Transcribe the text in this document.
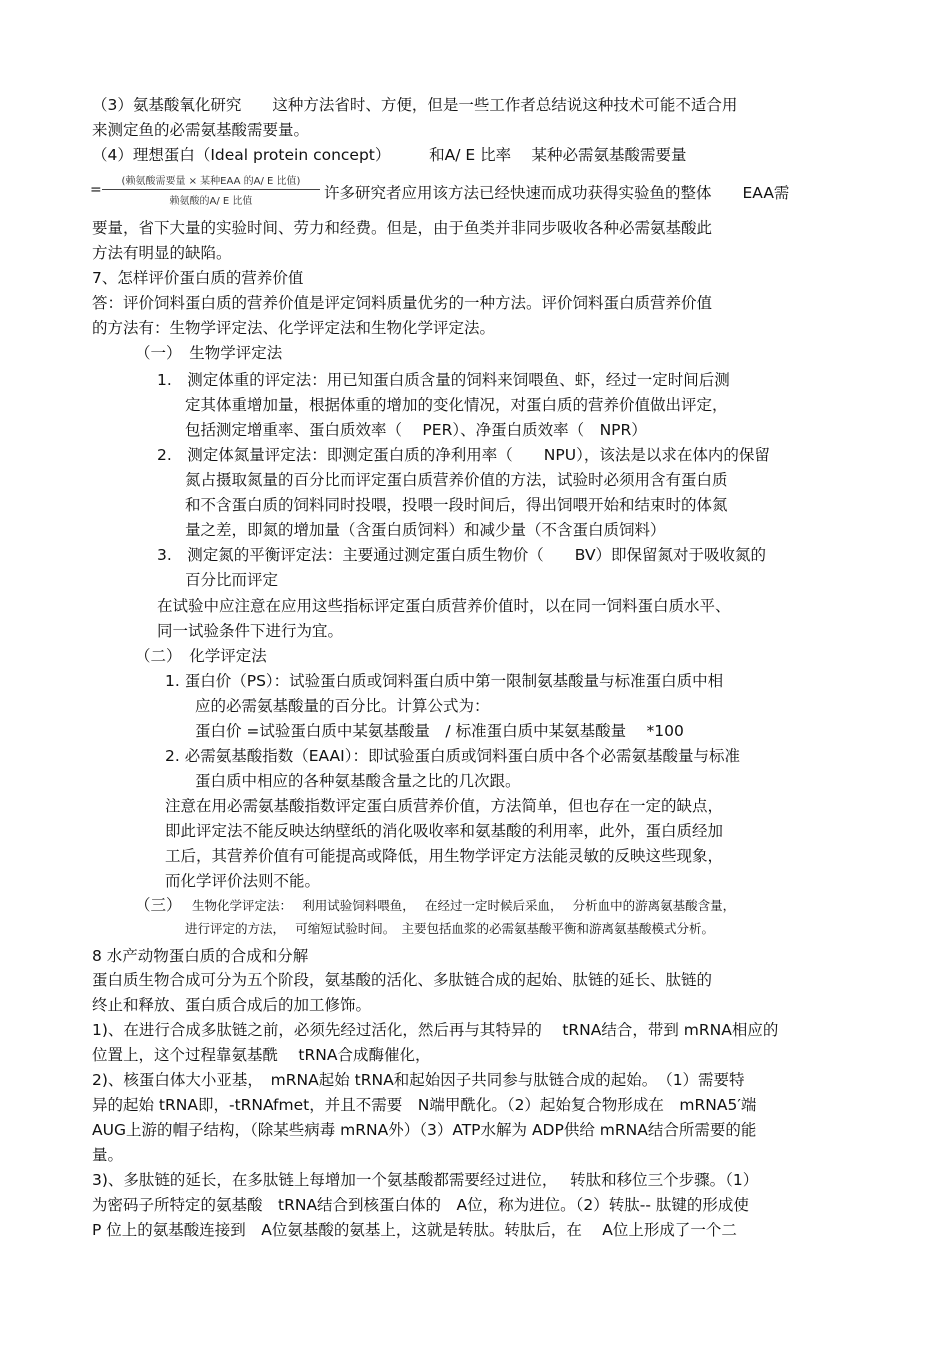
（3）氨基酸氧化研究　　这种方法省时、方便，但是一些工作者总结说这种技术可能不适合用
来测定鱼的必需氨基酸需要量。
（4）理想蛋白（Ideal protein concept）　　　和A/ E 比率　 某种必需氨基酸需要量
=
(赖氨酸需要量 × 某种EAA 的A/ E 比值)
赖氨酸的A/ E 比值	许多研究者应用该方法已经快速而成功获得实验鱼的整体　　EAA需
要量，省下大量的实验时间、劳力和经费。但是，由于鱼类并非同步吸收各种必需氨基酸此
方法有明显的缺陷。
7、怎样评价蛋白质的营养价值
答：评价饲料蛋白质的营养价值是评定饲料质量优劣的一种方法。评价饲料蛋白质营养价值
的方法有：生物学评定法、化学评定法和生物化学评定法。
（一）　生物学评定法
1.　测定体重的评定法：用已知蛋白质含量的饲料来饲喂鱼、虾，经过一定时间后测
定其体重增加量，根据体重的增加的变化情况，对蛋白质的营养价值做出评定，
包括测定增重率、蛋白质效率（　 PER）、净蛋白质效率（　NPR）
2.　测定体氮量评定法：即测定蛋白质的净利用率（　　NPU），该法是以求在体内的保留
氮占摄取氮量的百分比而评定蛋白质营养价值的方法，试验时必须用含有蛋白质
和不含蛋白质的饲料同时投喂，投喂一段时间后，得出饲喂开始和结束时的体氮
量之差，即氮的增加量（含蛋白质饲料）和减少量（不含蛋白质饲料）
3.　测定氮的平衡评定法：主要通过测定蛋白质生物价（　　BV）即保留氮对于吸收氮的
百分比而评定
在试验中应注意在应用这些指标评定蛋白质营养价值时，以在同一饲料蛋白质水平、
同一试验条件下进行为宜。
（二）　化学评定法
1. 蛋白价（PS）：试验蛋白质或饲料蛋白质中第一限制氨基酸量与标准蛋白质中相
应的必需氨基酸量的百分比。计算公式为：
蛋白价 =试验蛋白质中某氨基酸量　/ 标准蛋白质中某氨基酸量　 *100
2. 必需氨基酸指数（EAAI）：即试验蛋白质或饲料蛋白质中各个必需氨基酸量与标准
蛋白质中相应的各种氨基酸含量之比的几次跟。
注意在用必需氨基酸指数评定蛋白质营养价值，方法简单，但也存在一定的缺点，
即此评定法不能反映达纳壁纸的消化吸收率和氨基酸的利用率，此外，蛋白质经加
工后，其营养价值有可能提高或降低，用生物学评定方法能灵敏的反映这些现象，
而化学评价法则不能。
（三） 生物化学评定法：　 利用试验饲料喂鱼，　 在经过一定时候后采血，　 分析血中的游离氨基酸含量，
进行评定的方法，　 可缩短试验时间。　主要包括血浆的必需氨基酸平衡和游离氨基酸模式分析。
8 水产动物蛋白质的合成和分解
蛋白质生物合成可分为五个阶段，氨基酸的活化、多肽链合成的起始、肽链的延长、肽链的
终止和释放、蛋白质合成后的加工修饰。
1)、在进行合成多肽链之前，必须先经过活化，然后再与其特异的　 tRNA结合，带到 mRNA相应的
位置上，这个过程靠氨基酰　 tRNA合成酶催化，
2)、核蛋白体大小亚基，　mRNA起始 tRNA和起始因子共同参与肽链合成的起始。　（1）需要特
异的起始 tRNA即，-tRNAfmet，并且不需要　N端甲酰化。（2）起始复合物形成在　mRNA5′端
AUG上游的帽子结构，（除某些病毒 mRNA外）（3）ATP水解为 ADP供给 mRNA结合所需要的能
量。
3)、多肽链的延长，在多肽链上每增加一个氨基酸都需要经过进位，　 转肽和移位三个步骤。（1）
为密码子所特定的氨基酸　tRNA结合到核蛋白体的　A位，称为进位。（2）转肽-- 肽键的形成使
P 位上的氨基酸连接到　A位氨基酸的氨基上，这就是转肽。转肽后，在　 A位上形成了一个二
